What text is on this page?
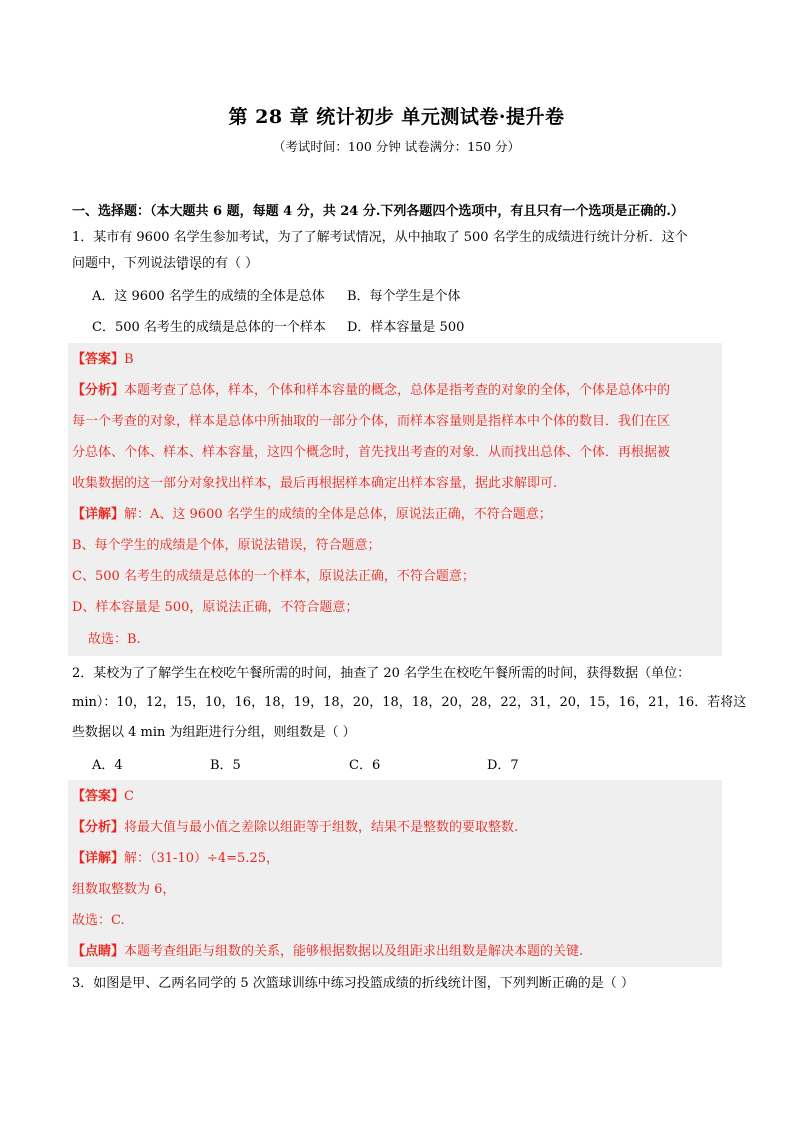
第 28 章 统计初步 单元测试卷·提升卷
（考试时间：100 分钟 试卷满分：150 分）
一、选择题：（本大题共 6 题，每题 4 分，共 24 分.下列各题四个选项中，有且只有一个选项是正确的.）
1．某市有 9600 名学生参加考试，为了了解考试情况，从中抽取了 500 名学生的成绩进行统计分析．这个
问题中，下列说法错误的有（ ）
A．这 9600 名学生的成绩的全体是总体 B．每个学生是个体
C．500 名考生的成绩是总体的一个样本 D．样本容量是 500
【答案】B
【分析】本题考查了总体，样本，个体和样本容量的概念，总体是指考查的对象的全体，个体是总体中的
每一个考查的对象，样本是总体中所抽取的一部分个体，而样本容量则是指样本中个体的数目．我们在区
分总体、个体、样本、样本容量，这四个概念时，首先找出考查的对象．从而找出总体、个体．再根据被
收集数据的这一部分对象找出样本，最后再根据样本确定出样本容量，据此求解即可.
【详解】解：A、这 9600 名学生的成绩的全体是总体，原说法正确，不符合题意；
B、每个学生的成绩是个体，原说法错误，符合题意；
C、500 名考生的成绩是总体的一个样本，原说法正确，不符合题意；
D、样本容量是 500，原说法正确，不符合题意；
故选：B.
2．某校为了了解学生在校吃午餐所需的时间，抽查了 20 名学生在校吃午餐所需的时间，获得数据（单位：
min）：10，12，15，10，16，18，19，18，20，18，18，20，28，22，31，20，15，16，21，16．若将这
些数据以 4 min 为组距进行分组，则组数是（ ）
A．4	B．5	C．6	D．7
【答案】C
【分析】将最大值与最小值之差除以组距等于组数，结果不是整数的要取整数.
【详解】解：（31-10）÷4=5.25，
组数取整数为 6，
故选：C.
【点睛】本题考查组距与组数的关系，能够根据数据以及组距求出组数是解决本题的关键.
3．如图是甲、乙两名同学的 5 次篮球训练中练习投篮成绩的折线统计图，下列判断正确的是（ ）
